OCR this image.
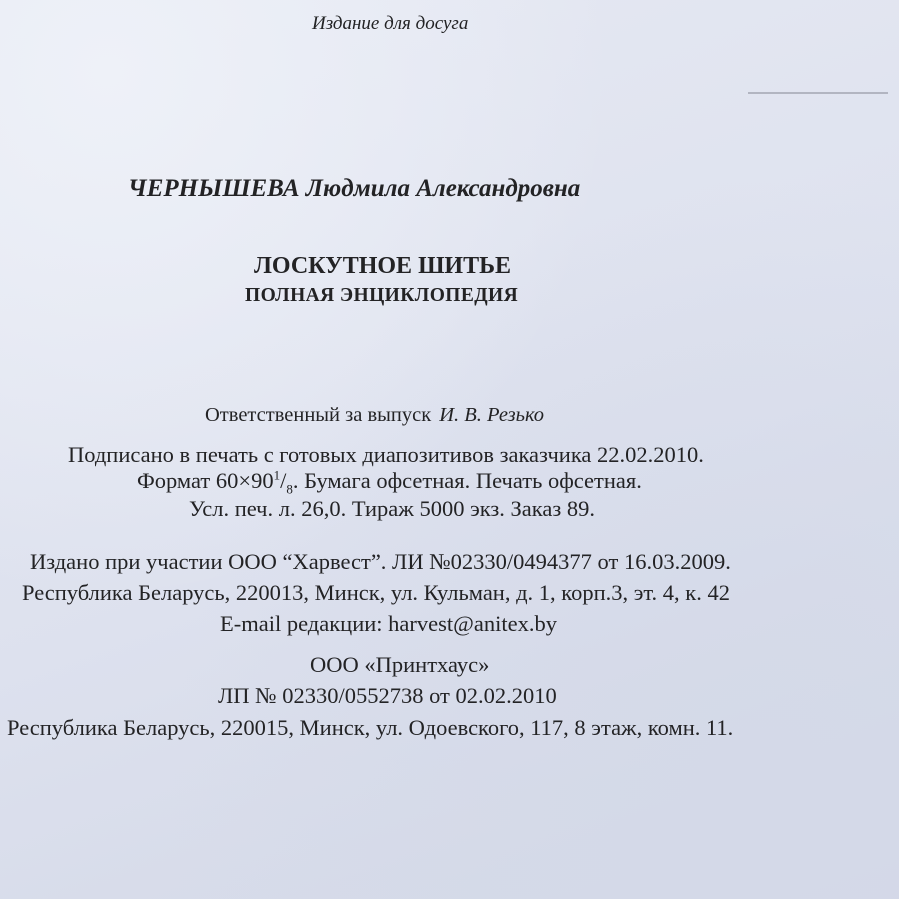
Издание для досуга
ЧЕРНЫШЕВА Людмила Александровна
ЛОСКУТНОЕ ШИТЬЕ
ПОЛНАЯ ЭНЦИКЛОПЕДИЯ
Ответственный за выпуск И. В. Резько
Подписано в печать с готовых диапозитивов заказчика 22.02.2010.
Формат $60\times 90^1/_8$. Бумага офсетная. Печать офсетная.
Усл. печ. л. 26,0. Тираж 5000 экз. Заказ 89.
Издано при участии ООО “Харвест”. ЛИ №02330/0494377 от 16.03.2009.
Республика Беларусь, 220013, Минск, ул. Кульман, д. 1, корп.3, эт. 4, к. 42
E-mail редакции: harvest@anitex.by
ООО «Принтхаус»
ЛП № 02330/0552738 от 02.02.2010
Республика Беларусь, 220015, Минск, ул. Одоевского, 117, 8 этаж, комн. 11.
